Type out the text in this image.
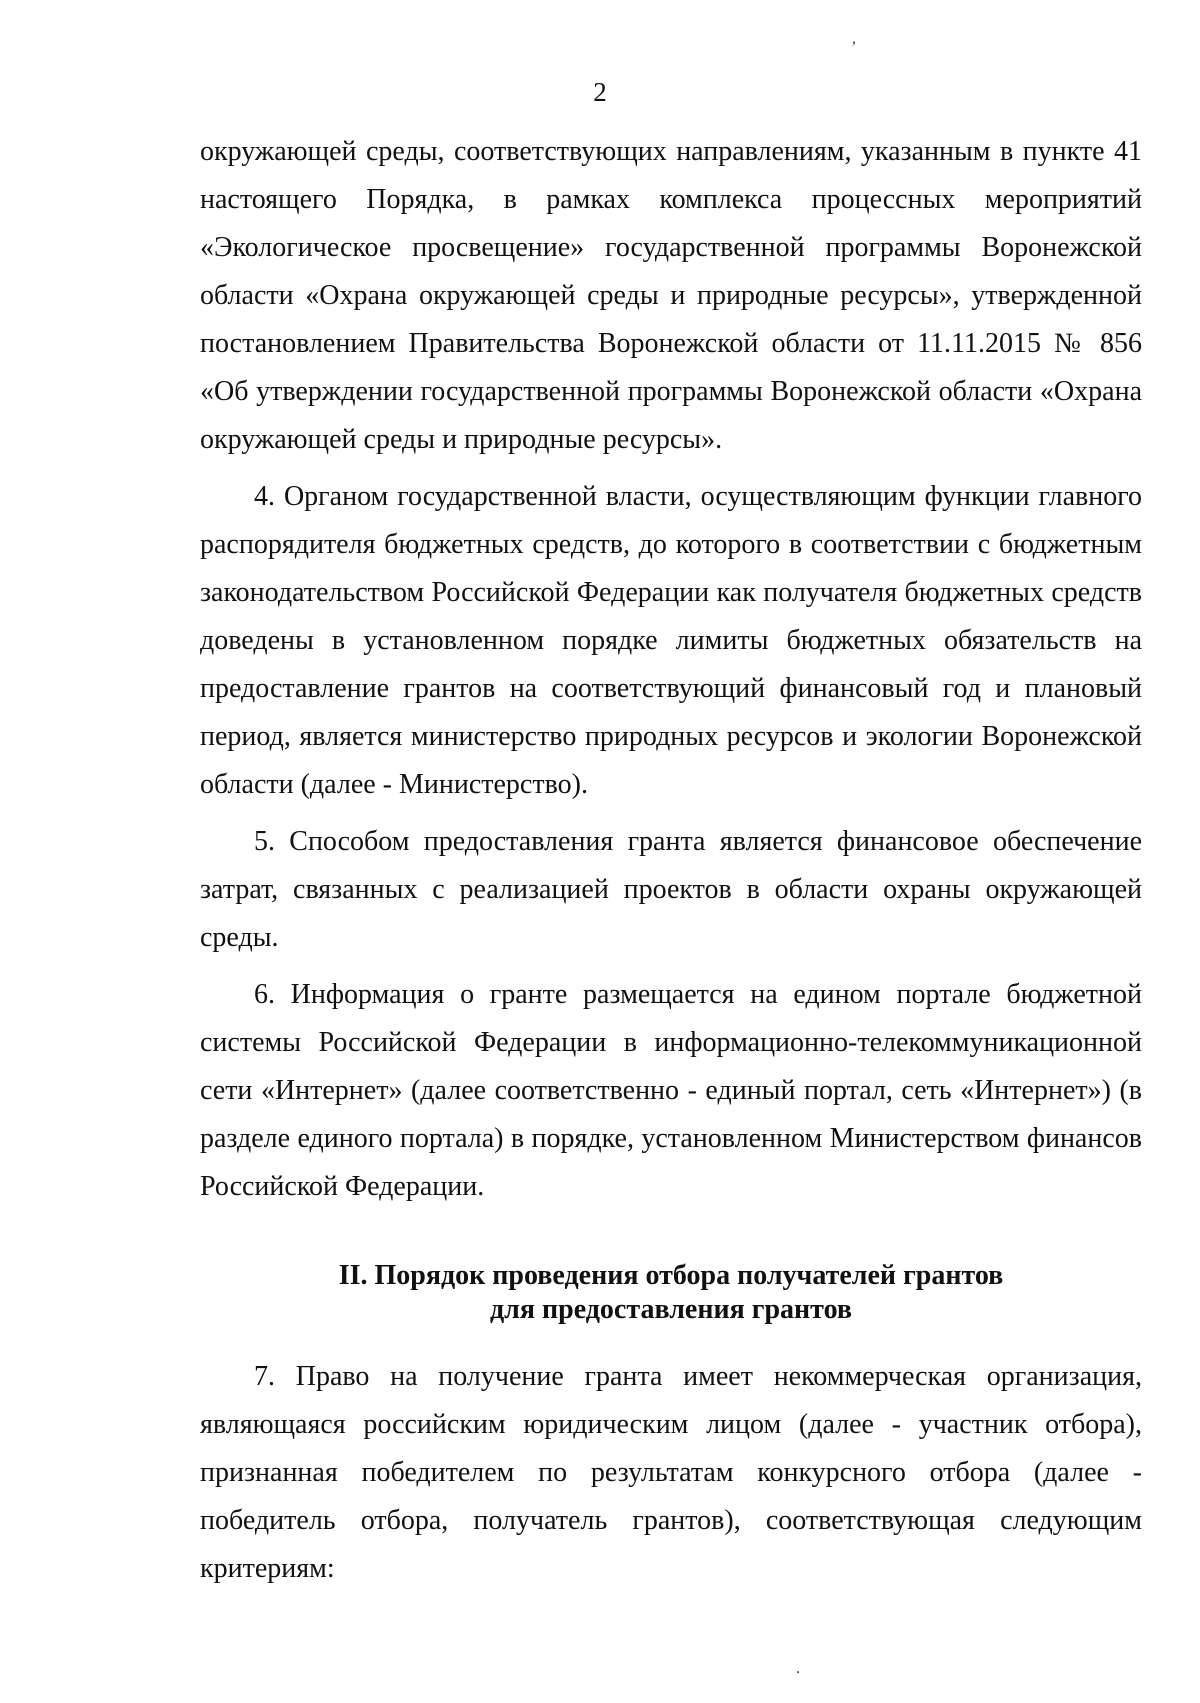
,
2

окружающей среды, соответствующих направлениям, указанным в пункте 41 настоящего Порядка, в рамках комплекса процессных мероприятий «Экологическое просвещение» государственной программы Воронежской области «Охрана окружающей среды и природные ресурсы», утвержденной постановлением Правительства Воронежской области от 11.11.2015 № 856 «Об утверждении государственной программы Воронежской области «Охрана окружающей среды и природные ресурсы».

4. Органом государственной власти, осуществляющим функции главного распорядителя бюджетных средств, до которого в соответствии с бюджетным законодательством Российской Федерации как получателя бюджетных средств доведены в установленном порядке лимиты бюджетных обязательств на предоставление грантов на соответствующий финансовый год и плановый период, является министерство природных ресурсов и экологии Воронежской области (далее - Министерство).

5. Способом предоставления гранта является финансовое обеспечение затрат, связанных с реализацией проектов в области охраны окружающей среды.

6. Информация о гранте размещается на едином портале бюджетной системы Российской Федерации в информационно-телекоммуникационной сети «Интернет» (далее соответственно - единый портал, сеть «Интернет») (в разделе единого портала) в порядке, установленном Министерством финансов Российской Федерации.

II. Порядок проведения отбора получателей грантов
для предоставления грантов

7. Право на получение гранта имеет некоммерческая организация, являющаяся российским юридическим лицом (далее - участник отбора), признанная победителем по результатам конкурсного отбора (далее - победитель отбора, получатель грантов), соответствующая следующим критериям:

.
